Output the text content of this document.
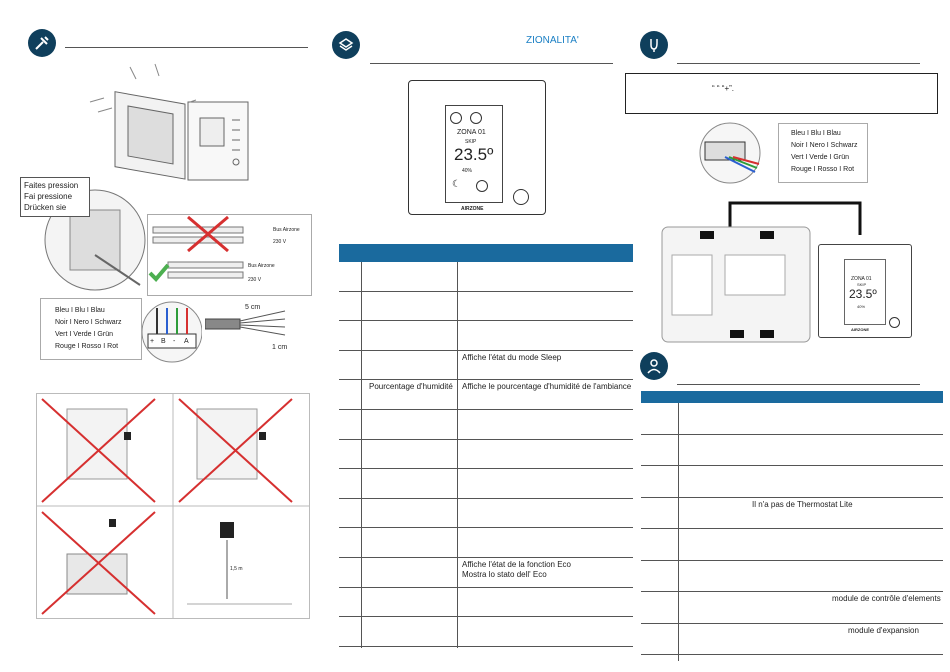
Faites pression
Fai pressione
Drücken sie
Bus Airzone
230 V
Bus Airzone
230 V
Bleu I Blu I Blau
Noir I Nero I Schwarz
Vert I Verde I Grün
Rouge I Rosso I Rot
+ B - A
5 cm
1 cm
1,5 m
ZIONALITA'
ZONA 01
SKIP
23.5º
40%
☾
AIRZONE
Affiche l'état du mode Sleep
Pourcentage d'humidité Affiche le pourcentage d'humidité de l'ambiance
Affiche l'état de la fonction Eco
Mostra lo stato dell' Eco
“ “ “+”.
Bleu I Blu I Blau
Noir I Nero I Schwarz
Vert I Verde I Grün
Rouge I Rosso I Rot
ZONA 01
SKIP
23.5º
40%
AIRZONE
Il n'a pas de Thermostat Lite
module de contrôle d'elements
module d'expansion
